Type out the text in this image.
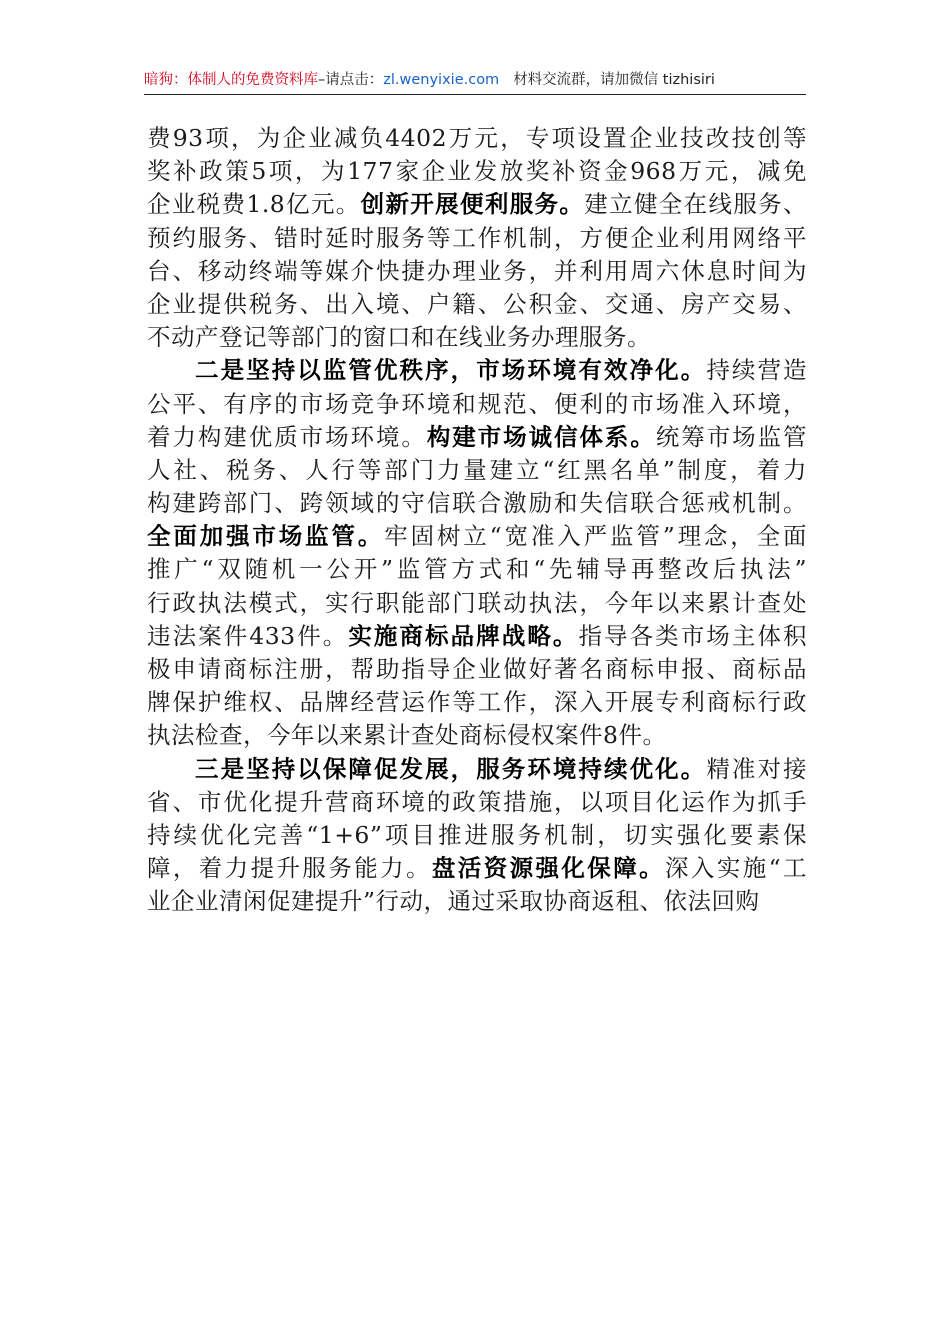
暗狗：体制人的免费资料库–请点击：zl.wenyixie.com 材料交流群，请加微信 tizhisiri
费93项，为企业减负4402万元，专项设置企业技改技创等
奖补政策5项，为177家企业发放奖补资金968万元，减免
企业税费1.8亿元。创新开展便利服务。建立健全在线服务、
预约服务、错时延时服务等工作机制，方便企业利用网络平
台、移动终端等媒介快捷办理业务，并利用周六休息时间为
企业提供税务、出入境、户籍、公积金、交通、房产交易、
不动产登记等部门的窗口和在线业务办理服务。
二是坚持以监管优秩序，市场环境有效净化。持续营造
公平、有序的市场竞争环境和规范、便利的市场准入环境，
着力构建优质市场环境。构建市场诚信体系。统筹市场监管
人社、税务、人行等部门力量建立“红黑名单”制度，着力
构建跨部门、跨领域的守信联合激励和失信联合惩戒机制。
全面加强市场监管。牢固树立“宽准入严监管”理念，全面
推广“双随机一公开”监管方式和“先辅导再整改后执法”
行政执法模式，实行职能部门联动执法，今年以来累计查处
违法案件433件。实施商标品牌战略。指导各类市场主体积
极申请商标注册，帮助指导企业做好著名商标申报、商标品
牌保护维权、品牌经营运作等工作，深入开展专利商标行政
执法检查，今年以来累计查处商标侵权案件8件。
三是坚持以保障促发展，服务环境持续优化。精准对接
省、市优化提升营商环境的政策措施，以项目化运作为抓手
持续优化完善“1+6”项目推进服务机制，切实强化要素保
障，着力提升服务能力。盘活资源强化保障。深入实施“工
业企业清闲促建提升”行动，通过采取协商返租、依法回购
